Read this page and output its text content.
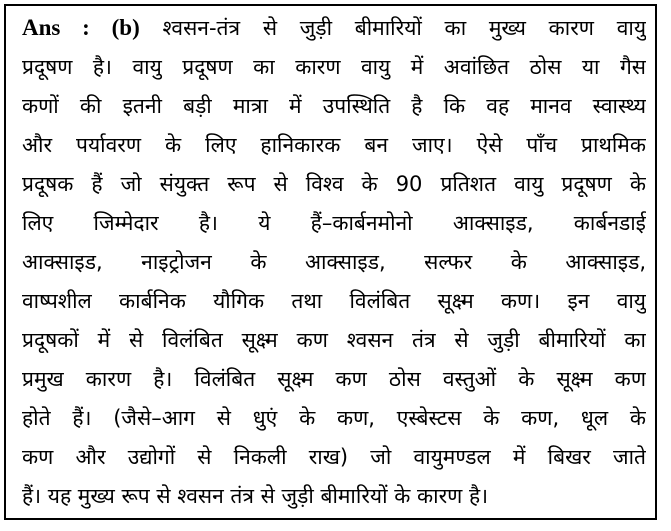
Ans : (b) श्वसन-तंत्र से जुड़ी बीमारियों का मुख्य कारण वायु
प्रदूषण है। वायु प्रदूषण का कारण वायु में अवांछित ठोस या गैस
कणों की इतनी बड़ी मात्रा में उपस्थिति है कि वह मानव स्वास्थ्य
और पर्यावरण के लिए हानिकारक बन जाए। ऐसे पाँच प्राथमिक
प्रदूषक हैं जो संयुक्त रूप से विश्व के 90 प्रतिशत वायु प्रदूषण के
लिए जिम्मेदार है। ये हैं–कार्बनमोनो आक्साइड, कार्बनडाई
आक्साइड, नाइट्रोजन के आक्साइड, सल्फर के आक्साइड,
वाष्पशील कार्बनिक यौगिक तथा विलंबित सूक्ष्म कण। इन वायु
प्रदूषकों में से विलंबित सूक्ष्म कण श्वसन तंत्र से जुड़ी बीमारियों का
प्रमुख कारण है। विलंबित सूक्ष्म कण ठोस वस्तुओं के सूक्ष्म कण
होते हैं। (जैसे–आग से धुएं के कण, एस्बेस्टस के कण, धूल के
कण और उद्योगों से निकली राख) जो वायुमण्डल में बिखर जाते
हैं। यह मुख्य रूप से श्वसन तंत्र से जुड़ी बीमारियों के कारण है।
